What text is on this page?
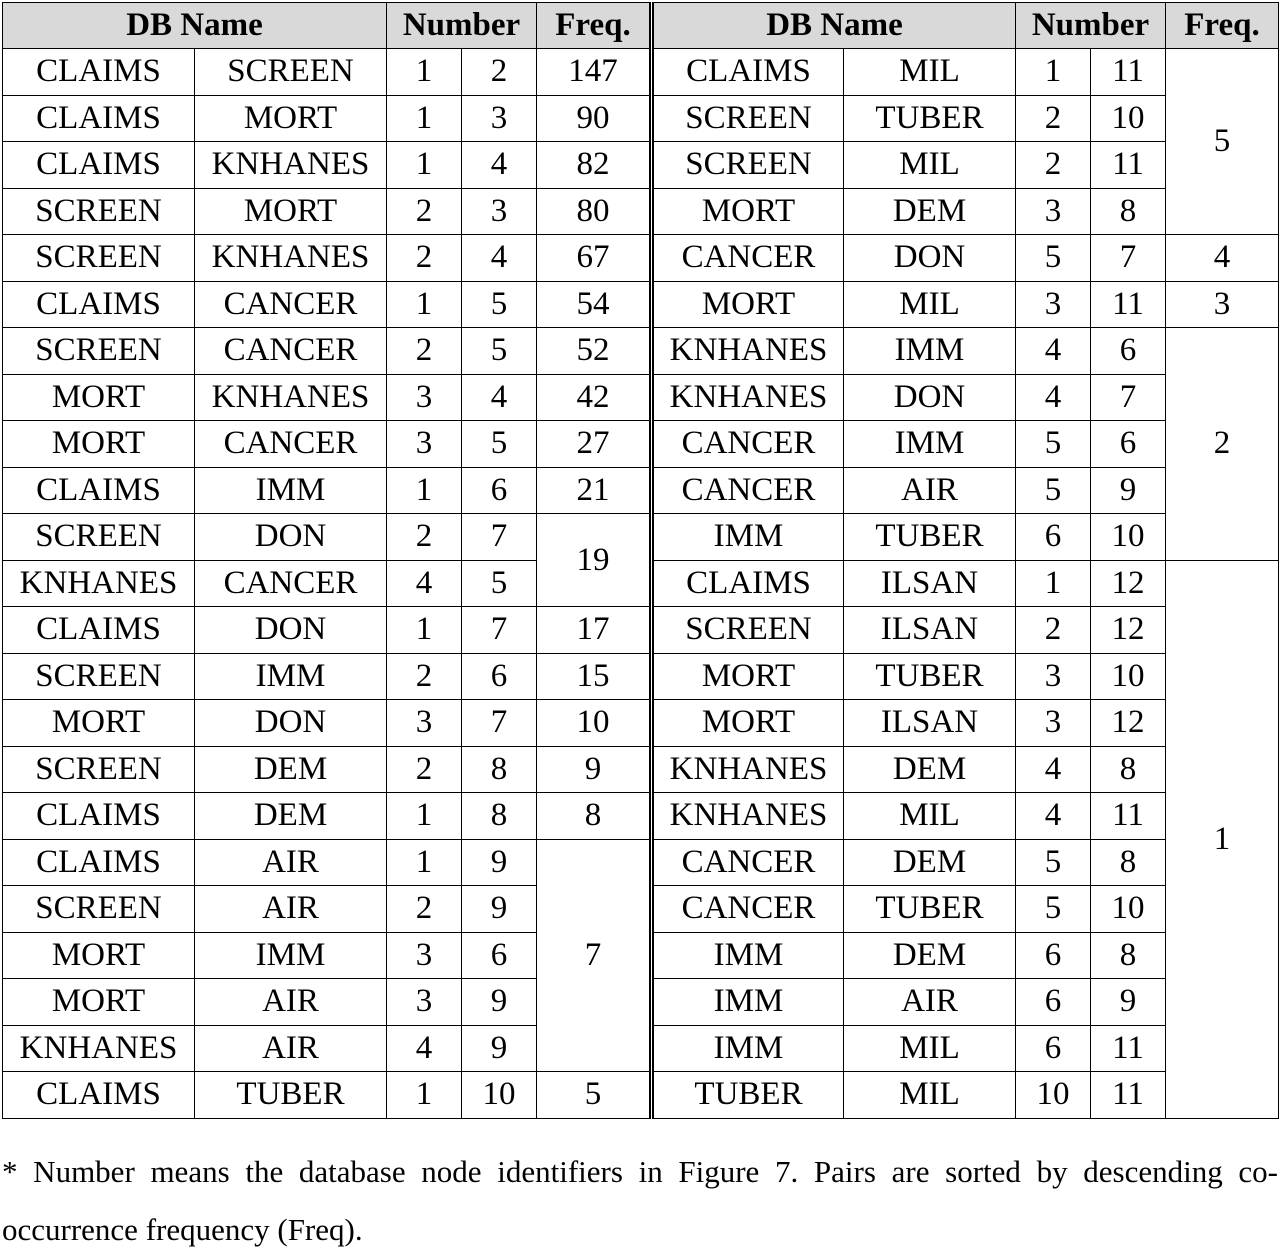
DB Name		Number		Freq.	DB Name		Number		Freq.
CLAIMS	SCREEN	1	2	147	CLAIMS	MIL	1	11	5
CLAIMS	MORT	1	3	90	SCREEN	TUBER	2	10	
CLAIMS	KNHANES	1	4	82	SCREEN	MIL	2	11	
SCREEN	MORT	2	3	80	MORT	DEM	3	8	
SCREEN	KNHANES	2	4	67	CANCER	DON	5	7	4
CLAIMS	CANCER	1	5	54	MORT	MIL	3	11	3
SCREEN	CANCER	2	5	52	KNHANES	IMM	4	6	2
MORT	KNHANES	3	4	42	KNHANES	DON	4	7	
MORT	CANCER	3	5	27	CANCER	IMM	5	6	
CLAIMS	IMM	1	6	21	CANCER	AIR	5	9	
SCREEN	DON	2	7	19	IMM	TUBER	6	10	
KNHANES	CANCER	4	5		CLAIMS	ILSAN	1	12	1
CLAIMS	DON	1	7	17	SCREEN	ILSAN	2	12	
SCREEN	IMM	2	6	15	MORT	TUBER	3	10	
MORT	DON	3	7	10	MORT	ILSAN	3	12	
SCREEN	DEM	2	8	9	KNHANES	DEM	4	8	
CLAIMS	DEM	1	8	8	KNHANES	MIL	4	11	
CLAIMS	AIR	1	9	7	CANCER	DEM	5	8	
SCREEN	AIR	2	9		CANCER	TUBER	5	10	
MORT	IMM	3	6		IMM	DEM	6	8	
MORT	AIR	3	9		IMM	AIR	6	9	
KNHANES	AIR	4	9		IMM	MIL	6	11	
CLAIMS	TUBER	1	10	5	TUBER	MIL	10	11	

* Number means the database node identifiers in Figure 7. Pairs are sorted by descending co-occurrence frequency (Freq).
